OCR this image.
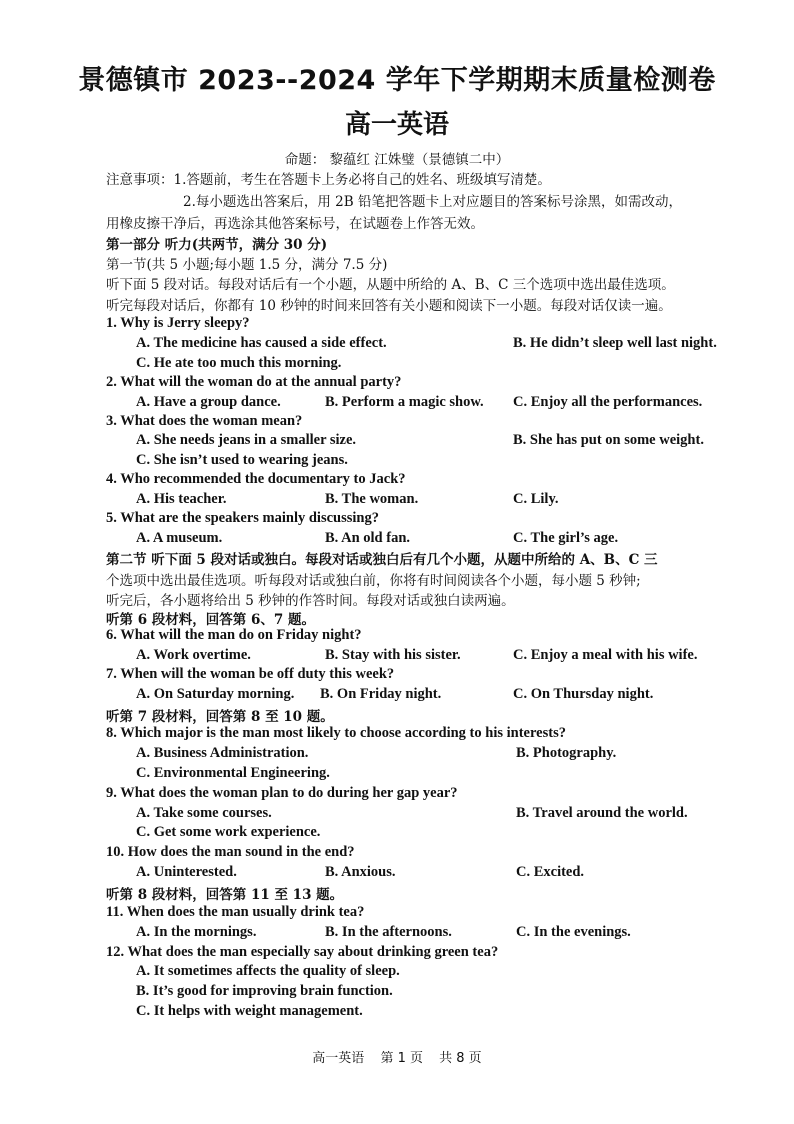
景德镇市 2023--2024 学年下学期期末质量检测卷
高一英语
命题： 黎蕴红 江姝璧（景德镇二中）
注意事项：1.答题前，考生在答题卡上务必将自己的姓名、班级填写清楚。
2.每小题选出答案后，用 2B 铅笔把答题卡上对应题目的答案标号涂黑，如需改动，
用橡皮擦干净后，再选涂其他答案标号，在试题卷上作答无效。
第一部分 听力(共两节，满分 30 分)
第一节(共 5 小题;每小题 1.5 分，满分 7.5 分)
听下面 5 段对话。每段对话后有一个小题，从题中所给的 A、B、C 三个选项中选出最佳选项。
听完每段对话后，你都有 10 秒钟的时间来回答有关小题和阅读下一小题。每段对话仅读一遍。
1. Why is Jerry sleepy?
A. The medicine has caused a side effect.	B. He didn’t sleep well last night.
C. He ate too much this morning.
2. What will the woman do at the annual party?
A. Have a group dance.	B. Perform a magic show. C. Enjoy all the performances.
3. What does the woman mean?
A. She needs jeans in a smaller size.	B. She has put on some weight.
C. She isn’t used to wearing jeans.
4. Who recommended the documentary to Jack?
A. His teacher.	B. The woman.	C. Lily.
5. What are the speakers mainly discussing?
A. A museum.	B. An old fan.	C. The girl’s age.
第二节 听下面 5 段对话或独白。每段对话或独白后有几个小题，从题中所给的 A、B、C 三
个选项中选出最佳选项。听每段对话或独白前，你将有时间阅读各个小题，每小题 5 秒钟;
听完后，各小题将给出 5 秒钟的作答时间。每段对话或独白读两遍。
听第 6 段材料，回答第 6、7 题。
6. What will the man do on Friday night?
A. Work overtime.	B. Stay with his sister.	C. Enjoy a meal with his wife.
7. When will the woman be off duty this week?
A. On Saturday morning. B. On Friday night.	C. On Thursday night.
听第 7 段材料，回答第 8 至 10 题。
8. Which major is the man most likely to choose according to his interests?
A. Business Administration.	B. Photography.
C. Environmental Engineering.
9. What does the woman plan to do during her gap year?
A. Take some courses.	B. Travel around the world.
C. Get some work experience.
10. How does the man sound in the end?
A. Uninterested.	B. Anxious.	C. Excited.
听第 8 段材料，回答第 11 至 13 题。
11. When does the man usually drink tea?
A. In the mornings.	B. In the afternoons.	C. In the evenings.
12. What does the man especially say about drinking green tea?
A. It sometimes affects the quality of sleep.
B. It’s good for improving brain function.
C. It helps with weight management.
高一英语 第 1 页 共 8 页
